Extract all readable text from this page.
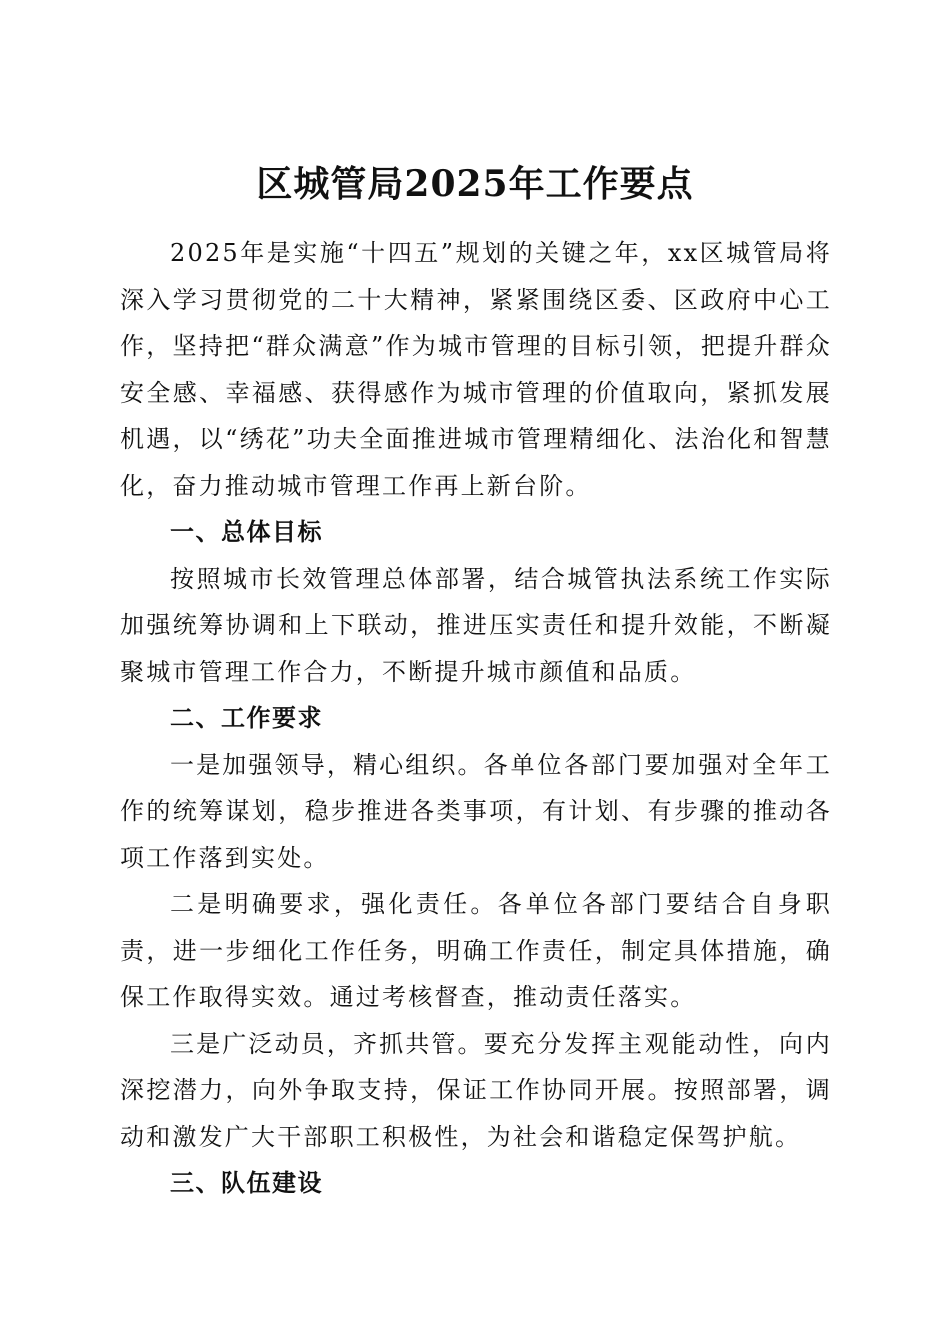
区城管局2025年工作要点

2025年是实施“十四五”规划的关键之年，xx区城管局将深入学习贯彻党的二十大精神，紧紧围绕区委、区政府中心工作，坚持把“群众满意”作为城市管理的目标引领，把提升群众安全感、幸福感、获得感作为城市管理的价值取向，紧抓发展机遇，以“绣花”功夫全面推进城市管理精细化、法治化和智慧化，奋力推动城市管理工作再上新台阶。

一、总体目标

按照城市长效管理总体部署，结合城管执法系统工作实际加强统筹协调和上下联动，推进压实责任和提升效能，不断凝聚城市管理工作合力，不断提升城市颜值和品质。

二、工作要求

一是加强领导，精心组织。各单位各部门要加强对全年工作的统筹谋划，稳步推进各类事项，有计划、有步骤的推动各项工作落到实处。

二是明确要求，强化责任。各单位各部门要结合自身职责，进一步细化工作任务，明确工作责任，制定具体措施，确保工作取得实效。通过考核督查，推动责任落实。

三是广泛动员，齐抓共管。要充分发挥主观能动性，向内深挖潜力，向外争取支持，保证工作协同开展。按照部署，调动和激发广大干部职工积极性，为社会和谐稳定保驾护航。

三、队伍建设
